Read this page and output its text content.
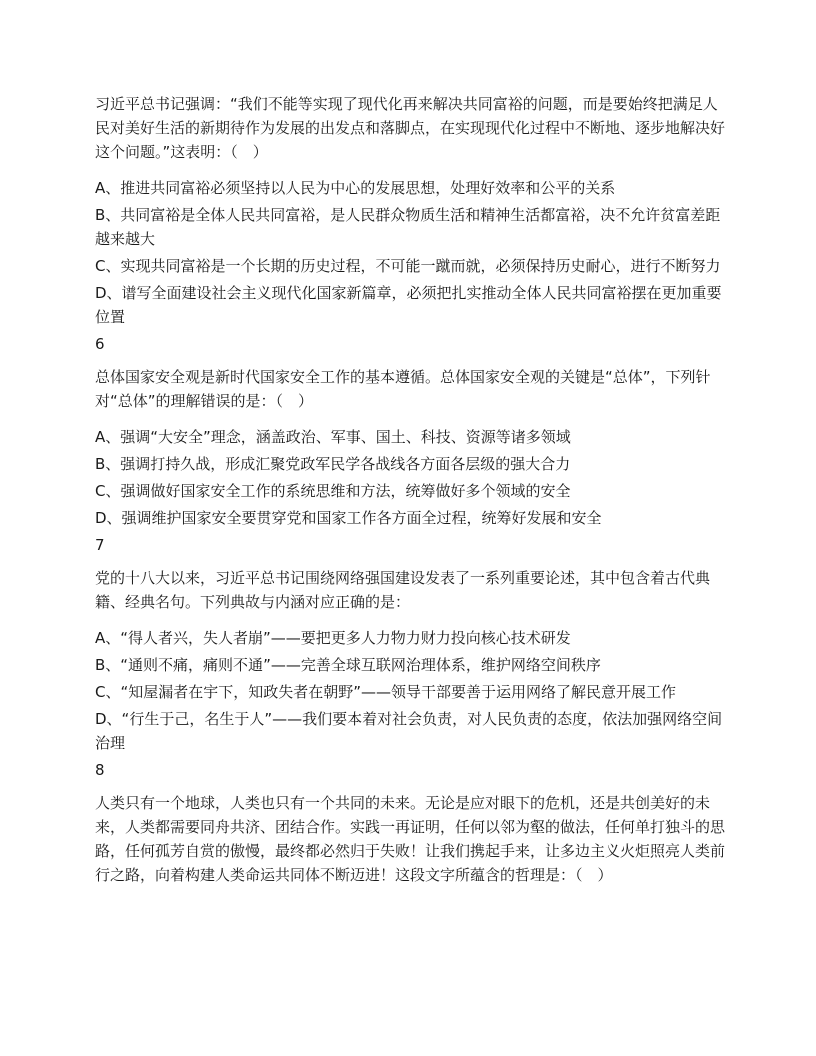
习近平总书记强调：“我们不能等实现了现代化再来解决共同富裕的问题，而是要始终把满足人民对美好生活的新期待作为发展的出发点和落脚点，在实现现代化过程中不断地、逐步地解决好这个问题。”这表明：（　）

A、推进共同富裕必须坚持以人民为中心的发展思想，处理好效率和公平的关系
B、共同富裕是全体人民共同富裕，是人民群众物质生活和精神生活都富裕，决不允许贫富差距越来越大
C、实现共同富裕是一个长期的历史过程，不可能一蹴而就，必须保持历史耐心，进行不断努力
D、谱写全面建设社会主义现代化国家新篇章，必须把扎实推动全体人民共同富裕摆在更加重要位置

6

总体国家安全观是新时代国家安全工作的基本遵循。总体国家安全观的关键是“总体”，下列针对“总体”的理解错误的是：（　）

A、强调“大安全”理念，涵盖政治、军事、国土、科技、资源等诸多领域
B、强调打持久战，形成汇聚党政军民学各战线各方面各层级的强大合力
C、强调做好国家安全工作的系统思维和方法，统筹做好多个领域的安全
D、强调维护国家安全要贯穿党和国家工作各方面全过程，统筹好发展和安全

7

党的十八大以来，习近平总书记围绕网络强国建设发表了一系列重要论述，其中包含着古代典籍、经典名句。下列典故与内涵对应正确的是：

A、“得人者兴，失人者崩”——要把更多人力物力财力投向核心技术研发
B、“通则不痛，痛则不通”——完善全球互联网治理体系，维护网络空间秩序
C、“知屋漏者在宇下，知政失者在朝野”——领导干部要善于运用网络了解民意开展工作
D、“行生于己，名生于人”——我们要本着对社会负责，对人民负责的态度，依法加强网络空间治理

8

人类只有一个地球，人类也只有一个共同的未来。无论是应对眼下的危机，还是共创美好的未来，人类都需要同舟共济、团结合作。实践一再证明，任何以邻为壑的做法，任何单打独斗的思路，任何孤芳自赏的傲慢，最终都必然归于失败！让我们携起手来，让多边主义火炬照亮人类前行之路，向着构建人类命运共同体不断迈进！这段文字所蕴含的哲理是：（　）
